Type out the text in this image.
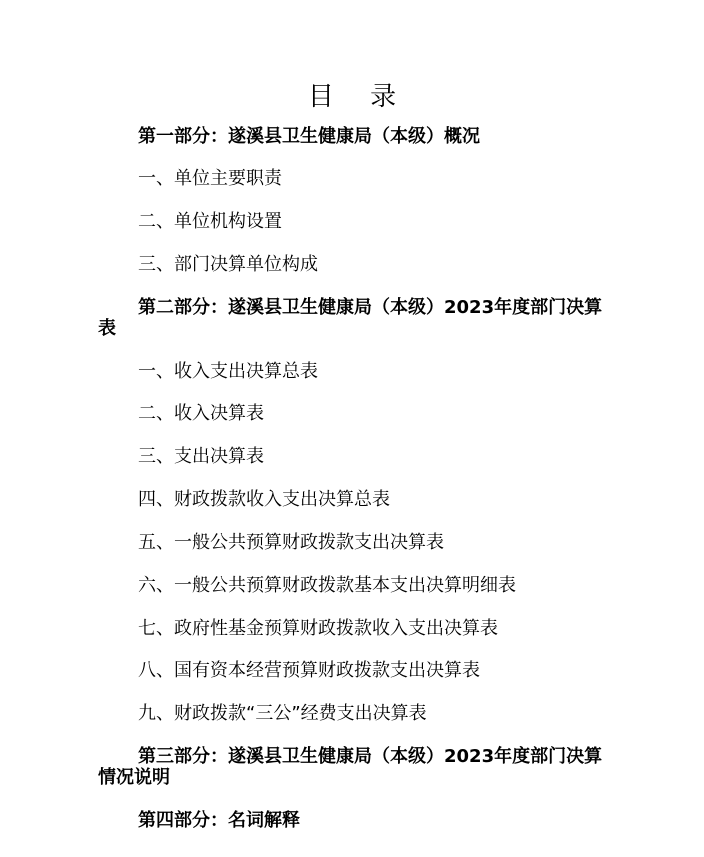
目 录

第一部分：遂溪县卫生健康局（本级）概况

一、单位主要职责

二、单位机构设置

三、部门决算单位构成

第二部分：遂溪县卫生健康局（本级）2023年度部门决算表

一、收入支出决算总表

二、收入决算表

三、支出决算表

四、财政拨款收入支出决算总表

五、一般公共预算财政拨款支出决算表

六、一般公共预算财政拨款基本支出决算明细表

七、政府性基金预算财政拨款收入支出决算表

八、国有资本经营预算财政拨款支出决算表

九、财政拨款“三公”经费支出决算表

第三部分：遂溪县卫生健康局（本级）2023年度部门决算情况说明

第四部分：名词解释
